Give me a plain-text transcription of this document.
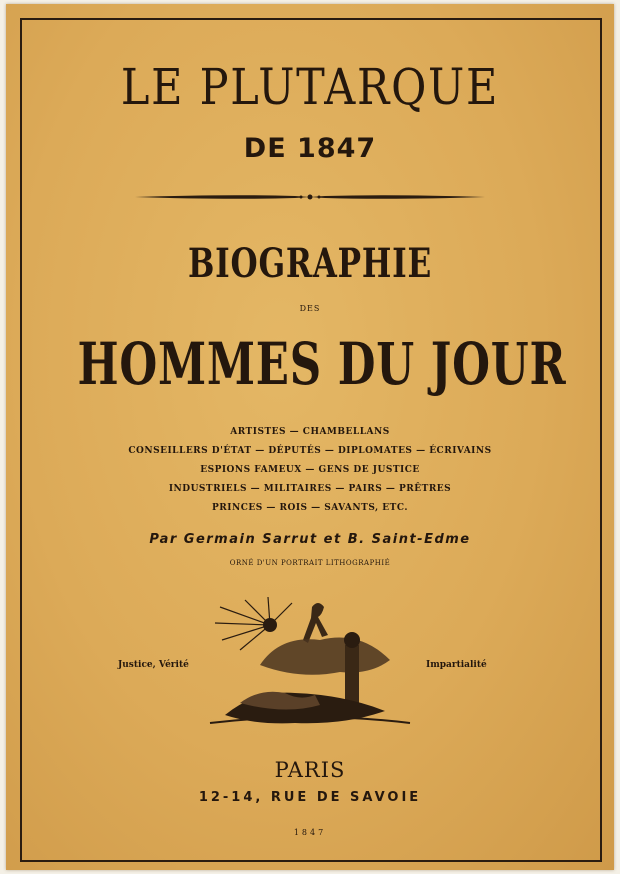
LE PLUTARQUE
DE 1847
BIOGRAPHIE
DES
HOMMES DU JOUR
ARTISTES — CHAMBELLANS
CONSEILLERS D'ÉTAT — DÉPUTÉS — DIPLOMATES — ÉCRIVAINS
ESPIONS FAMEUX — GENS DE JUSTICE
INDUSTRIELS — MILITAIRES — PAIRS — PRÊTRES
PRINCES — ROIS — SAVANTS, ETC.
Par Germain Sarrut et B. Saint-Edme
ORNÉ D'UN PORTRAIT LITHOGRAPHIÉ
Justice, Vérité	Impartialité
PARIS
12-14, RUE DE SAVOIE
1847
